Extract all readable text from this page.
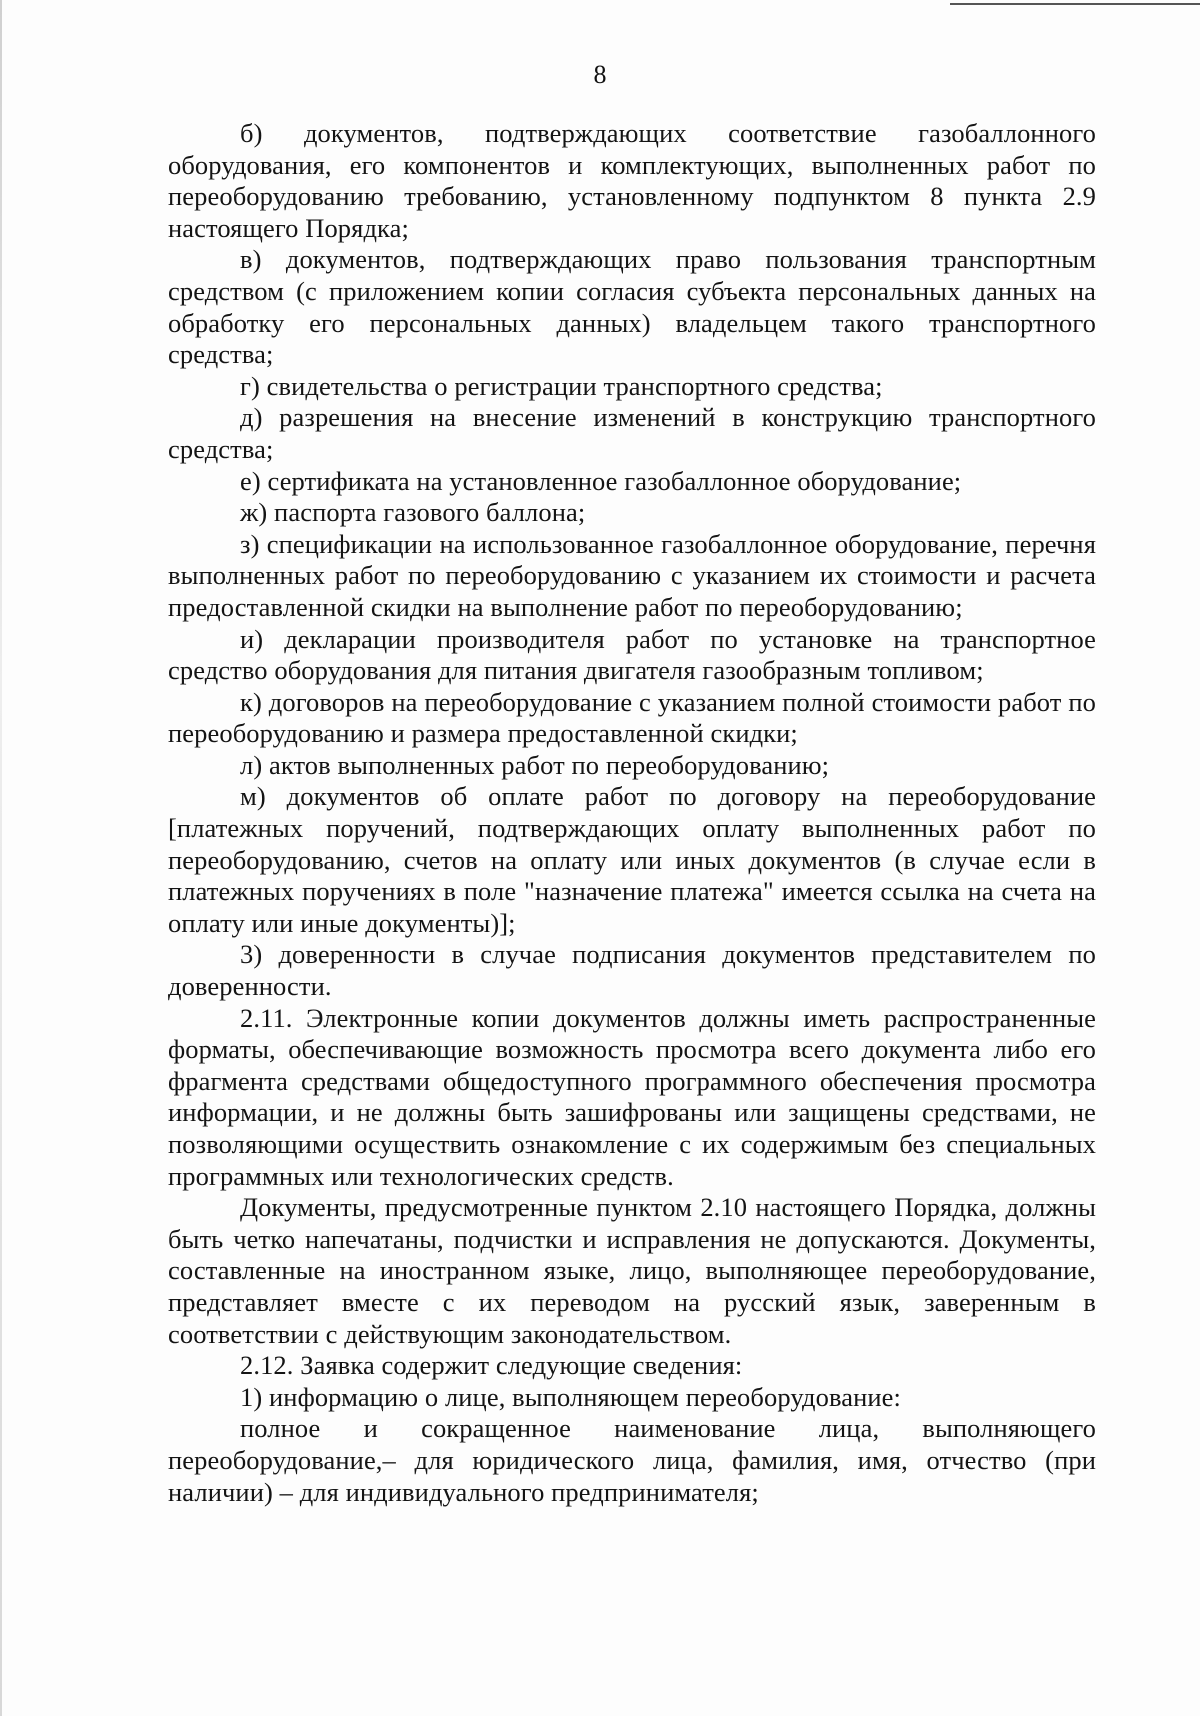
8

б) документов, подтверждающих соответствие газобаллонного оборудования, его компонентов и комплектующих, выполненных работ по переоборудованию требованию, установленному подпунктом 8 пункта 2.9 настоящего Порядка;

в) документов, подтверждающих право пользования транспортным средством (с приложением копии согласия субъекта персональных данных на обработку его персональных данных) владельцем такого транспортного средства;

г) свидетельства о регистрации транспортного средства;

д) разрешения на внесение изменений в конструкцию транспортного средства;

е) сертификата на установленное газобаллонное оборудование;

ж) паспорта газового баллона;

з) спецификации на использованное газобаллонное оборудование, перечня выполненных работ по переоборудованию с указанием их стоимости и расчета предоставленной скидки на выполнение работ по переоборудованию;

и) декларации производителя работ по установке на транспортное средство оборудования для питания двигателя газообразным топливом;

к) договоров на переоборудование с указанием полной стоимости работ по переоборудованию и размера предоставленной скидки;

л) актов выполненных работ по переоборудованию;

м) документов об оплате работ по договору на переоборудование [платежных поручений, подтверждающих оплату выполненных работ по переоборудованию, счетов на оплату или иных документов (в случае если в платежных поручениях в поле "назначение платежа" имеется ссылка на счета на оплату или иные документы)];

3) доверенности в случае подписания документов представителем по доверенности.

2.11. Электронные копии документов должны иметь распространенные форматы, обеспечивающие возможность просмотра всего документа либо его фрагмента средствами общедоступного программного обеспечения просмотра информации, и не должны быть зашифрованы или защищены средствами, не позволяющими осуществить ознакомление с их содержимым без специальных программных или технологических средств.

Документы, предусмотренные пунктом 2.10 настоящего Порядка, должны быть четко напечатаны, подчистки и исправления не допускаются. Документы, составленные на иностранном языке, лицо, выполняющее переоборудование, представляет вместе с их переводом на русский язык, заверенным в соответствии с действующим законодательством.

2.12. Заявка содержит следующие сведения:

1) информацию о лице, выполняющем переоборудование:

полное и сокращенное наименование лица, выполняющего переоборудование,– для юридического лица, фамилия, имя, отчество (при наличии) – для индивидуального предпринимателя;
